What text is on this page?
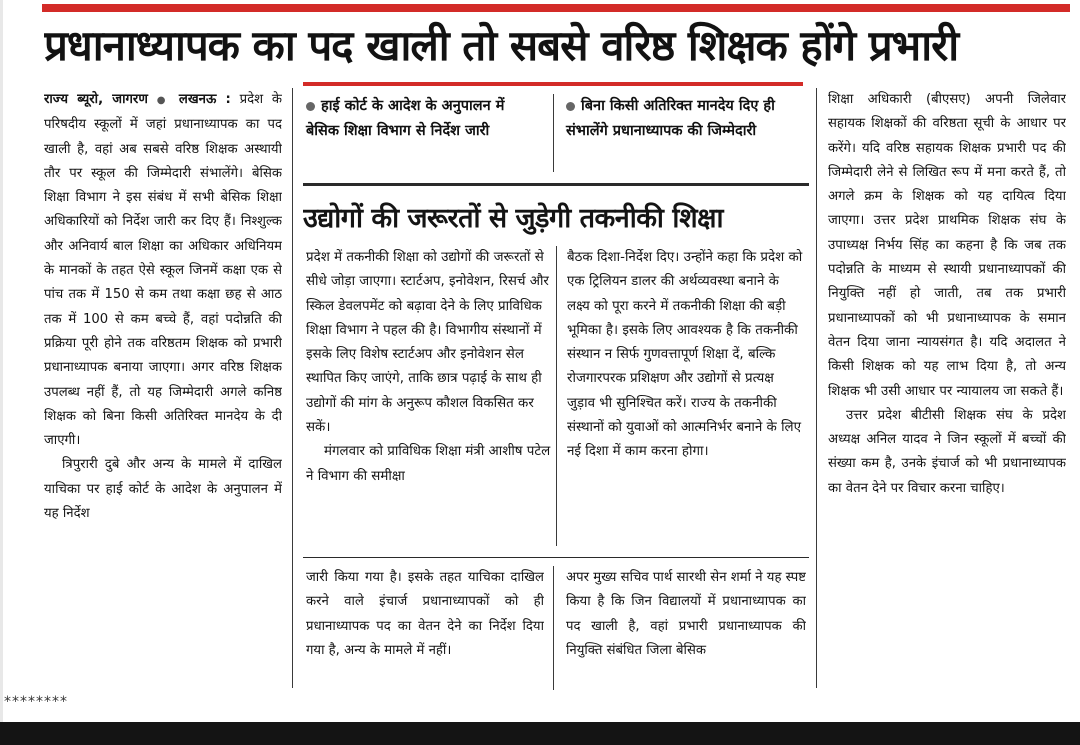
प्रधानाध्यापक का पद खाली तो सबसे वरिष्ठ शिक्षक होंगे प्रभारी

राज्य ब्यूरो, जागरण ● लखनऊ : प्रदेश के परिषदीय स्कूलों में जहां प्रधानाध्यापक का पद खाली है, वहां अब सबसे वरिष्ठ शिक्षक अस्थायी तौर पर स्कूल की जिम्मेदारी संभालेंगे। बेसिक शिक्षा विभाग ने इस संबंध में सभी बेसिक शिक्षा अधिकारियों को निर्देश जारी कर दिए हैं। निश्शुल्क और अनिवार्य बाल शिक्षा का अधिकार अधिनियम के मानकों के तहत ऐसे स्कूल जिनमें कक्षा एक से पांच तक में 150 से कम तथा कक्षा छह से आठ तक में 100 से कम बच्चे हैं, वहां पदोन्नति की प्रक्रिया पूरी होने तक वरिष्ठतम शिक्षक को प्रभारी प्रधानाध्यापक बनाया जाएगा। अगर वरिष्ठ शिक्षक उपलब्ध नहीं हैं, तो यह जिम्मेदारी अगले कनिष्ठ शिक्षक को बिना किसी अतिरिक्त मानदेय के दी जाएगी।

त्रिपुरारी दुबे और अन्य के मामले में दाखिल याचिका पर हाई कोर्ट के आदेश के अनुपालन में यह निर्देश

हाई कोर्ट के आदेश के अनुपालन में बेसिक शिक्षा विभाग से निर्देश जारी
बिना किसी अतिरिक्त मानदेय दिए ही संभालेंगे प्रधानाध्यापक की जिम्मेदारी
उद्योगों की जरूरतों से जुड़ेगी तकनीकी शिक्षा

प्रदेश में तकनीकी शिक्षा को उद्योगों की जरूरतों से सीधे जोड़ा जाएगा। स्टार्टअप, इनोवेशन, रिसर्च और स्किल डेवलपमेंट को बढ़ावा देने के लिए प्राविधिक शिक्षा विभाग ने पहल की है। विभागीय संस्थानों में इसके लिए विशेष स्टार्टअप और इनोवेशन सेल स्थापित किए जाएंगे, ताकि छात्र पढ़ाई के साथ ही उद्योगों की मांग के अनुरूप कौशल विकसित कर सकें।

मंगलवार को प्राविधिक शिक्षा मंत्री आशीष पटेल ने विभाग की समीक्षा

बैठक दिशा-निर्देश दिए। उन्होंने कहा कि प्रदेश को एक ट्रिलियन डालर की अर्थव्यवस्था बनाने के लक्ष्य को पूरा करने में तकनीकी शिक्षा की बड़ी भूमिका है। इसके लिए आवश्यक है कि तकनीकी संस्थान न सिर्फ गुणवत्तापूर्ण शिक्षा दें, बल्कि रोजगारपरक प्रशिक्षण और उद्योगों से प्रत्यक्ष जुड़ाव भी सुनिश्चित करें। राज्य के तकनीकी संस्थानों को युवाओं को आत्मनिर्भर बनाने के लिए नई दिशा में काम करना होगा।

जारी किया गया है। इसके तहत याचिका दाखिल करने वाले इंचार्ज प्रधानाध्यापकों को ही प्रधानाध्यापक पद का वेतन देने का निर्देश दिया गया है, अन्य के मामले में नहीं।

अपर मुख्य सचिव पार्थ सारथी सेन शर्मा ने यह स्पष्ट किया है कि जिन विद्यालयों में प्रधानाध्यापक का पद खाली है, वहां प्रभारी प्रधानाध्यापक की नियुक्ति संबंधित जिला बेसिक

शिक्षा अधिकारी (बीएसए) अपनी जिलेवार सहायक शिक्षकों की वरिष्ठता सूची के आधार पर करेंगे। यदि वरिष्ठ सहायक शिक्षक प्रभारी पद की जिम्मेदारी लेने से लिखित रूप में मना करते हैं, तो अगले क्रम के शिक्षक को यह दायित्व दिया जाएगा। उत्तर प्रदेश प्राथमिक शिक्षक संघ के उपाध्यक्ष निर्भय सिंह का कहना है कि जब तक पदोन्नति के माध्यम से स्थायी प्रधानाध्यापकों की नियुक्ति नहीं हो जाती, तब तक प्रभारी प्रधानाध्यापकों को भी प्रधानाध्यापक के समान वेतन दिया जाना न्यायसंगत है। यदि अदालत ने किसी शिक्षक को यह लाभ दिया है, तो अन्य शिक्षक भी उसी आधार पर न्यायालय जा सकते हैं।

उत्तर प्रदेश बीटीसी शिक्षक संघ के प्रदेश अध्यक्ष अनिल यादव ने जिन स्कूलों में बच्चों की संख्या कम है, उनके इंचार्ज को भी प्रधानाध्यापक का वेतन देने पर विचार करना चाहिए।

********
